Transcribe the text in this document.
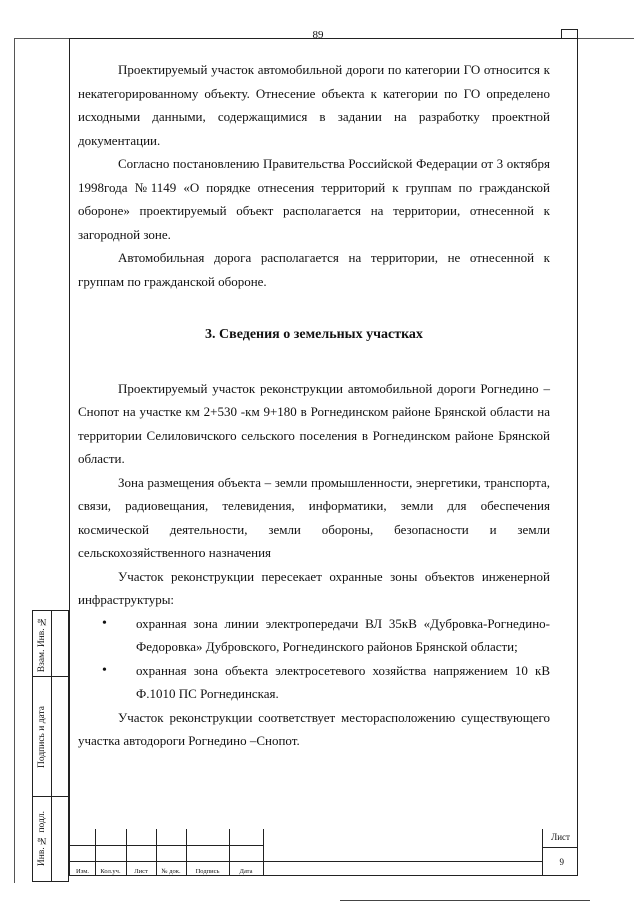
89

Проектируемый участок автомобильной дороги по категории ГО относится к некатегорированному объекту. Отнесение объекта к категории по ГО определено исходными данными, содержащимися в задании на разработку проектной документации.

Согласно постановлению Правительства Российской Федерации от 3 октября 1998года №1149 «О порядке отнесения территорий к группам по гражданской обороне» проектируемый объект располагается на территории, отнесенной к загородной зоне.

Автомобильная дорога располагается на территории, не отнесенной к группам по гражданской обороне.

3. Сведения о земельных участках

Проектируемый участок реконструкции автомобильной дороги Рогнедино –Снопот на участке км 2+530 -км 9+180 в Рогнединском районе Брянской области на территории Селиловичского сельского поселения в Рогнединском районе Брянской области.

Зона размещения объекта – земли промышленности, энергетики, транспорта, связи, радиовещания, телевидения, информатики, земли для обеспечения космической деятельности, земли обороны, безопасности и земли сельскохозяйственного назначения

Участок реконструкции пересекает охранные зоны объектов инженерной инфраструктуры:

• охранная зона линии электропередачи ВЛ 35кВ «Дубровка-Рогнедино-Федоровка» Дубровского, Рогнединского районов Брянской области;
• охранная зона объекта электросетевого хозяйства напряжением 10 кВ Ф.1010 ПС Рогнединская.

Участок реконструкции соответствует месторасположению существующего участка автодороги Рогнедино –Снопот.

Взам. Инв. №
Подпись и дата
Инв. № подл.
Изм.	Кол.уч.	Лист	№ док.	Подпись	Дата
Лист
9
